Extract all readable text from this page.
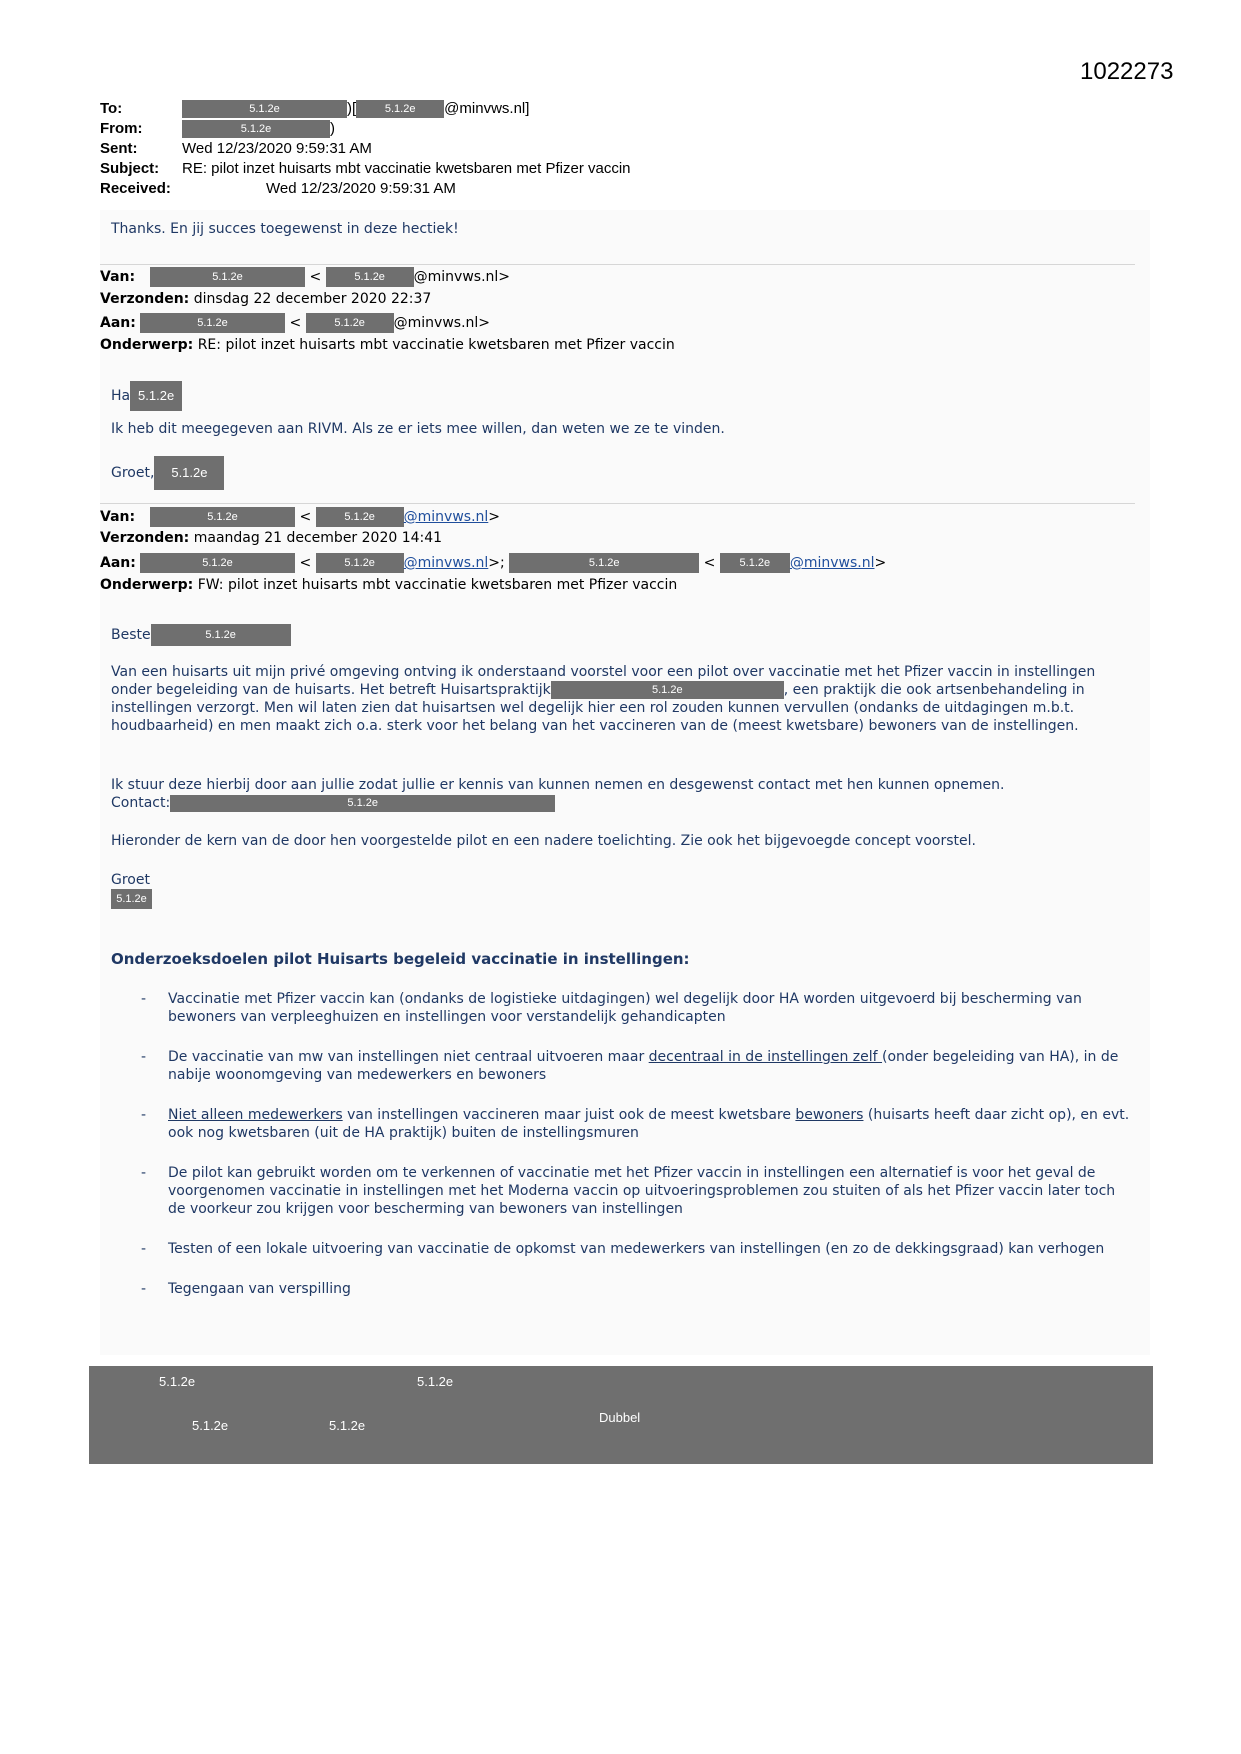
1022273
To:	5.1.2e	)[	5.1.2e @minvws.nl]
From:	5.1.2e	)
Sent:	Wed 12/23/2020 9:59:31 AM
Subject: RE: pilot inzet huisarts mbt vaccinatie kwetsbaren met Pfizer vaccin
Received:	Wed 12/23/2020 9:59:31 AM
Thanks. En jij succes toegewenst in deze hectiek!
Van:	5.1.2e	<	5.1.2e @minvws.nl>
Verzonden: dinsdag 22 december 2020 22:37
Aan:	5.1.2e	<	5.1.2e @minvws.nl>
Onderwerp: RE: pilot inzet huisarts mbt vaccinatie kwetsbaren met Pfizer vaccin
Ha 5.1.2e
Ik heb dit meegegeven aan RIVM. Als ze er iets mee willen, dan weten we ze te vinden.
Groet, 5.1.2e
Van:	5.1.2e	<	5.1.2e @minvws.nl>
Verzonden: maandag 21 december 2020 14:41
Aan:	5.1.2e	<	5.1.2e @minvws.nl>;	5.1.2e	< 5.1.2e @minvws.nl>
Onderwerp: FW: pilot inzet huisarts mbt vaccinatie kwetsbaren met Pfizer vaccin
Beste	5.1.2e
Van een huisarts uit mijn privé omgeving ontving ik onderstaand voorstel voor een pilot over vaccinatie met het Pfizer vaccin in instellingen onder begeleiding van de huisarts. Het betreft Huisartspraktijk	5.1.2e	, een praktijk die ook artsenbehandeling in instellingen verzorgt. Men wil laten zien dat huisartsen wel degelijk hier een rol zouden kunnen vervullen (ondanks de uitdagingen m.b.t. houdbaarheid) en men maakt zich o.a. sterk voor het belang van het vaccineren van de (meest kwetsbare) bewoners van de instellingen.
Ik stuur deze hierbij door aan jullie zodat jullie er kennis van kunnen nemen en desgewenst contact met hen kunnen opnemen.
Contact:	5.1.2e
Hieronder de kern van de door hen voorgestelde pilot en een nadere toelichting. Zie ook het bijgevoegde concept voorstel.
Groet
5.1.2e
Onderzoeksdoelen pilot Huisarts begeleid vaccinatie in instellingen:
- Vaccinatie met Pfizer vaccin kan (ondanks de logistieke uitdagingen) wel degelijk door HA worden uitgevoerd bij bescherming van bewoners van verpleeghuizen en instellingen voor verstandelijk gehandicapten
- De vaccinatie van mw van instellingen niet centraal uitvoeren maar decentraal in de instellingen zelf (onder begeleiding van HA), in de nabije woonomgeving van medewerkers en bewoners
- Niet alleen medewerkers van instellingen vaccineren maar juist ook de meest kwetsbare bewoners (huisarts heeft daar zicht op), en evt. ook nog kwetsbaren (uit de HA praktijk) buiten de instellingsmuren
- De pilot kan gebruikt worden om te verkennen of vaccinatie met het Pfizer vaccin in instellingen een alternatief is voor het geval de voorgenomen vaccinatie in instellingen met het Moderna vaccin op uitvoeringsproblemen zou stuiten of als het Pfizer vaccin later toch de voorkeur zou krijgen voor bescherming van bewoners van instellingen
- Testen of een lokale uitvoering van vaccinatie de opkomst van medewerkers van instellingen (en zo de dekkingsgraad) kan verhogen
- Tegengaan van verspilling
5.1.2e	5.1.2e
5.1.2e	5.1.2e
Dubbel
